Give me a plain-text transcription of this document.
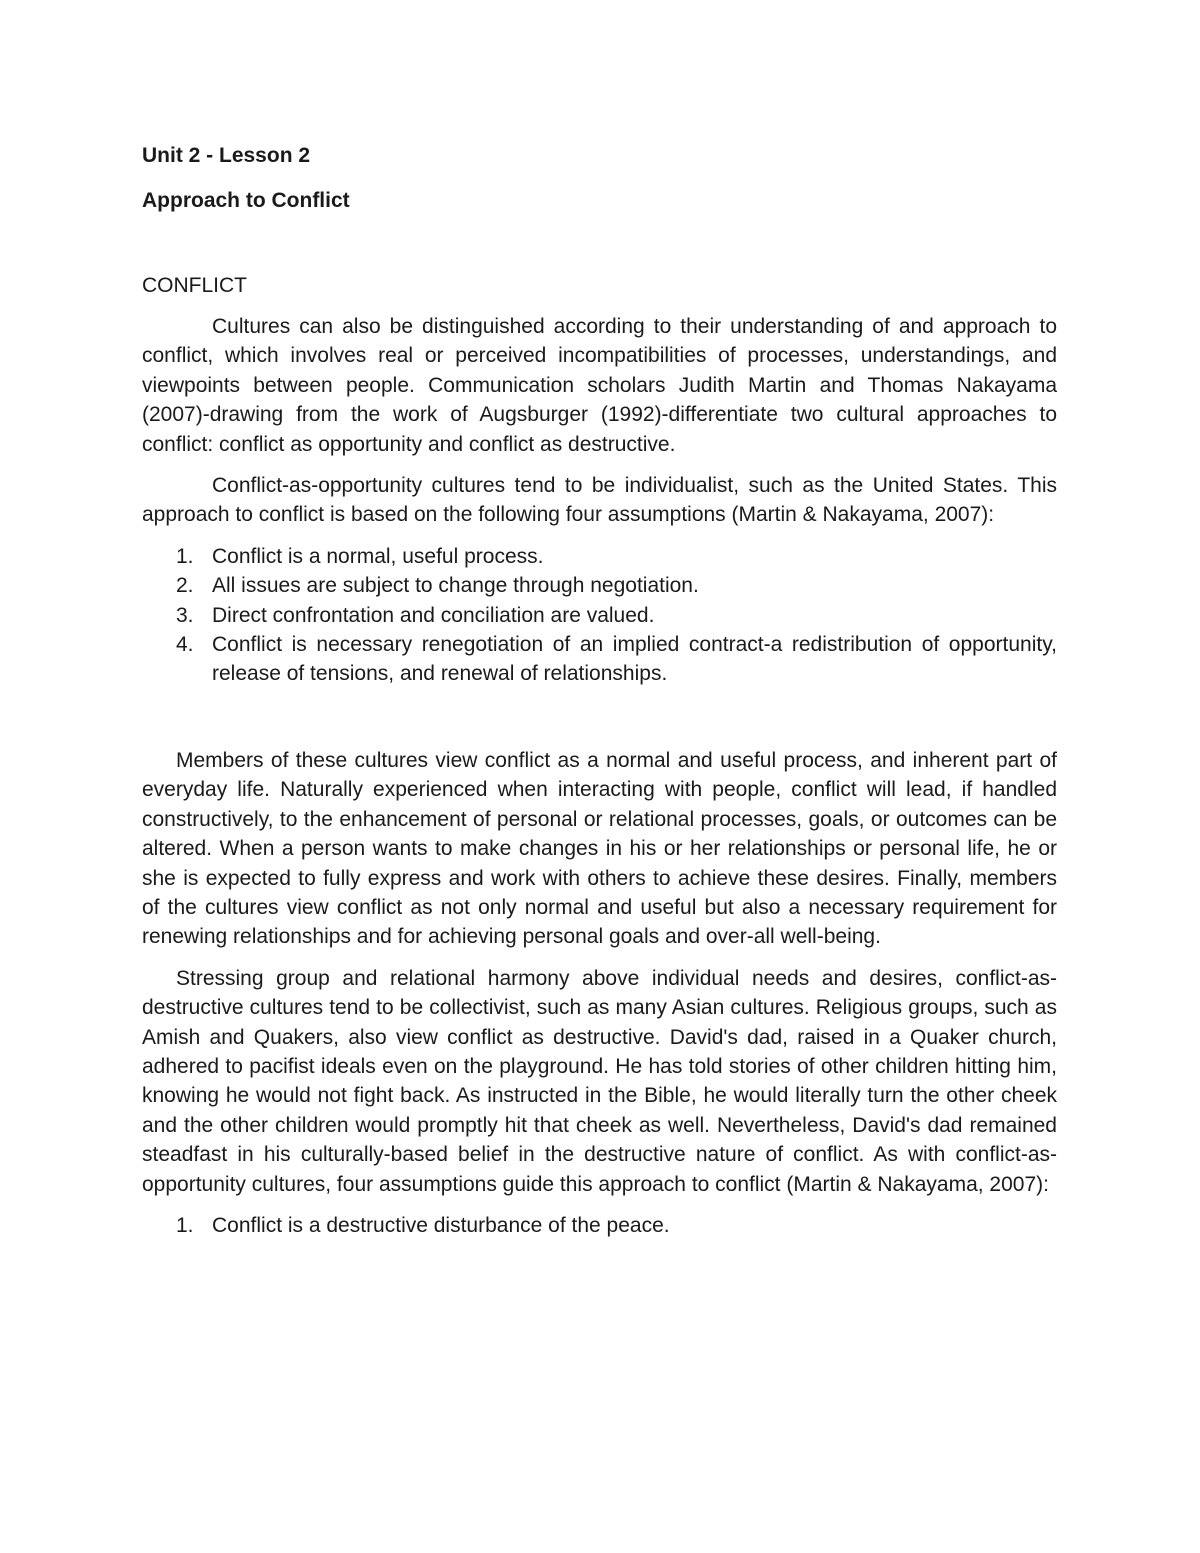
Unit 2 - Lesson 2
Approach to Conflict
CONFLICT

Cultures can also be distinguished according to their understanding of and approach to conflict, which involves real or perceived incompatibilities of processes, understandings, and viewpoints between people. Communication scholars Judith Martin and Thomas Nakayama (2007)-drawing from the work of Augsburger (1992)-differentiate two cultural approaches to conflict: conflict as opportunity and conflict as destructive.

Conflict-as-opportunity cultures tend to be individualist, such as the United States. This approach to conflict is based on the following four assumptions (Martin & Nakayama, 2007):

1. Conflict is a normal, useful process.
2. All issues are subject to change through negotiation.
3. Direct confrontation and conciliation are valued.
4. Conflict is necessary renegotiation of an implied contract-a redistribution of opportunity, release of tensions, and renewal of relationships.

Members of these cultures view conflict as a normal and useful process, and inherent part of everyday life. Naturally experienced when interacting with people, conflict will lead, if handled constructively, to the enhancement of personal or relational processes, goals, or outcomes can be altered. When a person wants to make changes in his or her relationships or personal life, he or she is expected to fully express and work with others to achieve these desires. Finally, members of the cultures view conflict as not only normal and useful but also a necessary requirement for renewing relationships and for achieving personal goals and over-all well-being.

Stressing group and relational harmony above individual needs and desires, conflict-as-destructive cultures tend to be collectivist, such as many Asian cultures. Religious groups, such as Amish and Quakers, also view conflict as destructive. David's dad, raised in a Quaker church, adhered to pacifist ideals even on the playground. He has told stories of other children hitting him, knowing he would not fight back. As instructed in the Bible, he would literally turn the other cheek and the other children would promptly hit that cheek as well. Nevertheless, David's dad remained steadfast in his culturally-based belief in the destructive nature of conflict. As with conflict-as-opportunity cultures, four assumptions guide this approach to conflict (Martin & Nakayama, 2007):

1. Conflict is a destructive disturbance of the peace.
